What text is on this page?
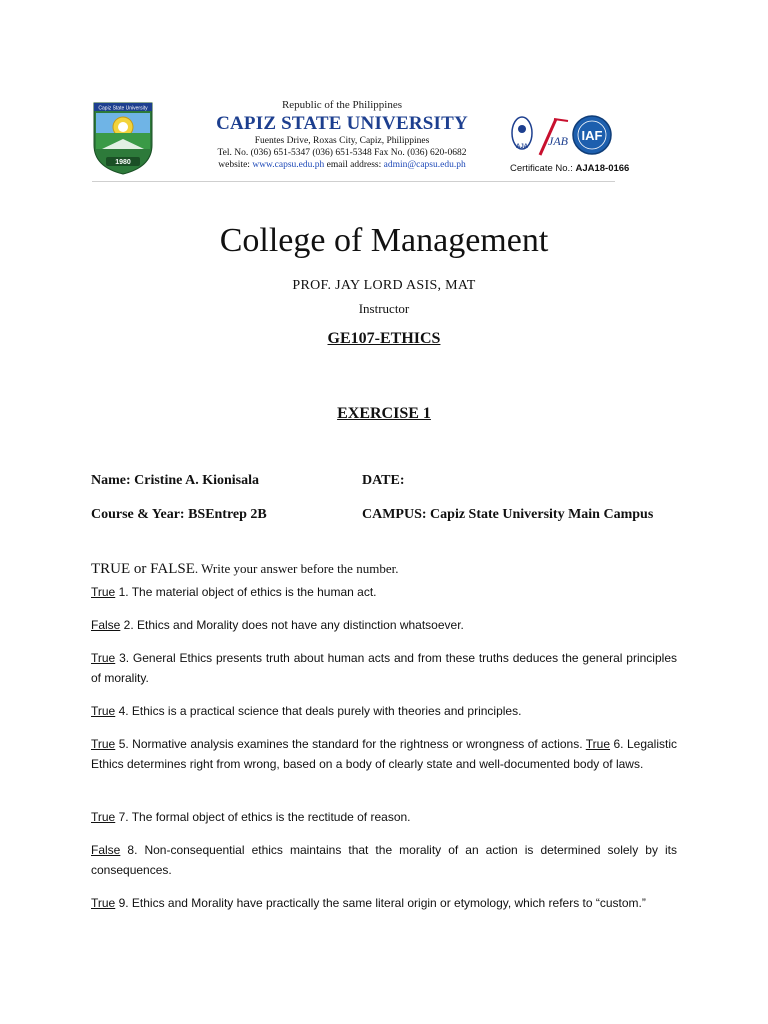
Capiz State University
1980
Republic of the Philippines
CAPIZ STATE UNIVERSITY
Fuentes Drive, Roxas City, Capiz, Philippines
Tel. No. (036) 651-5347 (036) 651-5348 Fax No. (036) 620-0682
website: www.capsu.edu.ph email address: admin@capsu.edu.ph
AJA JAB IAF
Certificate No.: AJA18-0166
College of Management
PROF. JAY LORD ASIS, MAT
Instructor
GE107-ETHICS
EXERCISE 1
Name: Cristine A. Kionisala	DATE:
Course & Year: BSEntrep 2B	CAMPUS: Capiz State University Main Campus
TRUE or FALSE. Write your answer before the number.
True 1. The material object of ethics is the human act.
False 2. Ethics and Morality does not have any distinction whatsoever.
True 3. General Ethics presents truth about human acts and from these truths deduces the general principles of morality.
True 4. Ethics is a practical science that deals purely with theories and principles.
True 5. Normative analysis examines the standard for the rightness or wrongness of actions. True 6. Legalistic Ethics determines right from wrong, based on a body of clearly state and well-documented body of laws.
True 7. The formal object of ethics is the rectitude of reason.
False 8. Non-consequential ethics maintains that the morality of an action is determined solely by its consequences.
True 9. Ethics and Morality have practically the same literal origin or etymology, which refers to “custom.”
